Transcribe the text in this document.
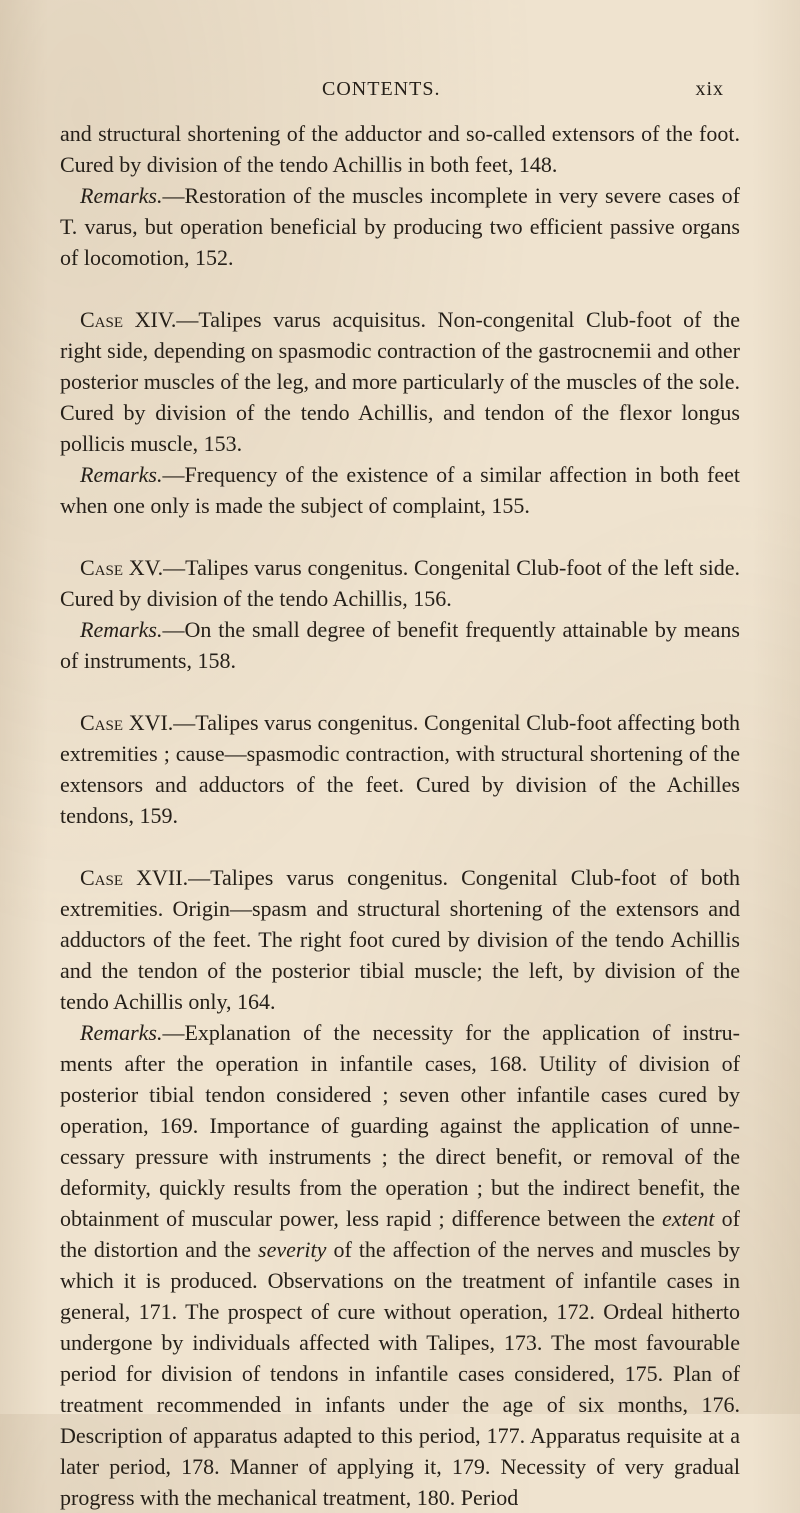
CONTENTS.	xix

and structural shortening of the adductor and so-called extensors of the foot. Cured by division of the tendo Achillis in both feet, 148.

Remarks.—Restoration of the muscles incomplete in very severe cases of T. varus, but operation beneficial by producing two efficient passive organs of locomotion, 152.

Case XIV.—Talipes varus acquisitus. Non-congenital Club-foot of the right side, depending on spasmodic contraction of the gastrocnemii and other posterior muscles of the leg, and more particularly of the muscles of the sole. Cured by division of the tendo Achillis, and tendon of the flexor longus pollicis muscle, 153.

Remarks.—Frequency of the existence of a similar affection in both feet when one only is made the subject of complaint, 155.

Case XV.—Talipes varus congenitus. Congenital Club-foot of the left side. Cured by division of the tendo Achillis, 156.

Remarks.—On the small degree of benefit frequently attainable by means of instruments, 158.

Case XVI.—Talipes varus congenitus. Congenital Club-foot affecting both extremities ; cause—spasmodic contraction, with structural shortening of the extensors and adductors of the feet. Cured by division of the Achilles tendons, 159.

Case XVII.—Talipes varus congenitus. Congenital Club-foot of both extremities. Origin—spasm and structural shortening of the extensors and adductors of the feet. The right foot cured by division of the tendo Achillis and the tendon of the posterior tibial muscle; the left, by division of the tendo Achillis only, 164.

Remarks.—Explanation of the necessity for the application of instru- ments after the operation in infantile cases, 168. Utility of division of posterior tibial tendon considered ; seven other infantile cases cured by operation, 169. Importance of guarding against the application of unne- cessary pressure with instruments ; the direct benefit, or removal of the deformity, quickly results from the operation ; but the indirect benefit, the obtainment of muscular power, less rapid ; difference between the extent of the distortion and the severity of the affection of the nerves and muscles by which it is produced. Observations on the treatment of infantile cases in general, 171. The prospect of cure without operation, 172. Ordeal hitherto undergone by individuals affected with Talipes, 173. The most favourable period for division of tendons in infantile cases considered, 175. Plan of treatment recommended in infants under the age of six months, 176. Description of apparatus adapted to this period, 177. Apparatus requisite at a later period, 178. Manner of applying it, 179. Necessity of very gradual progress with the mechanical treatment, 180. Period
